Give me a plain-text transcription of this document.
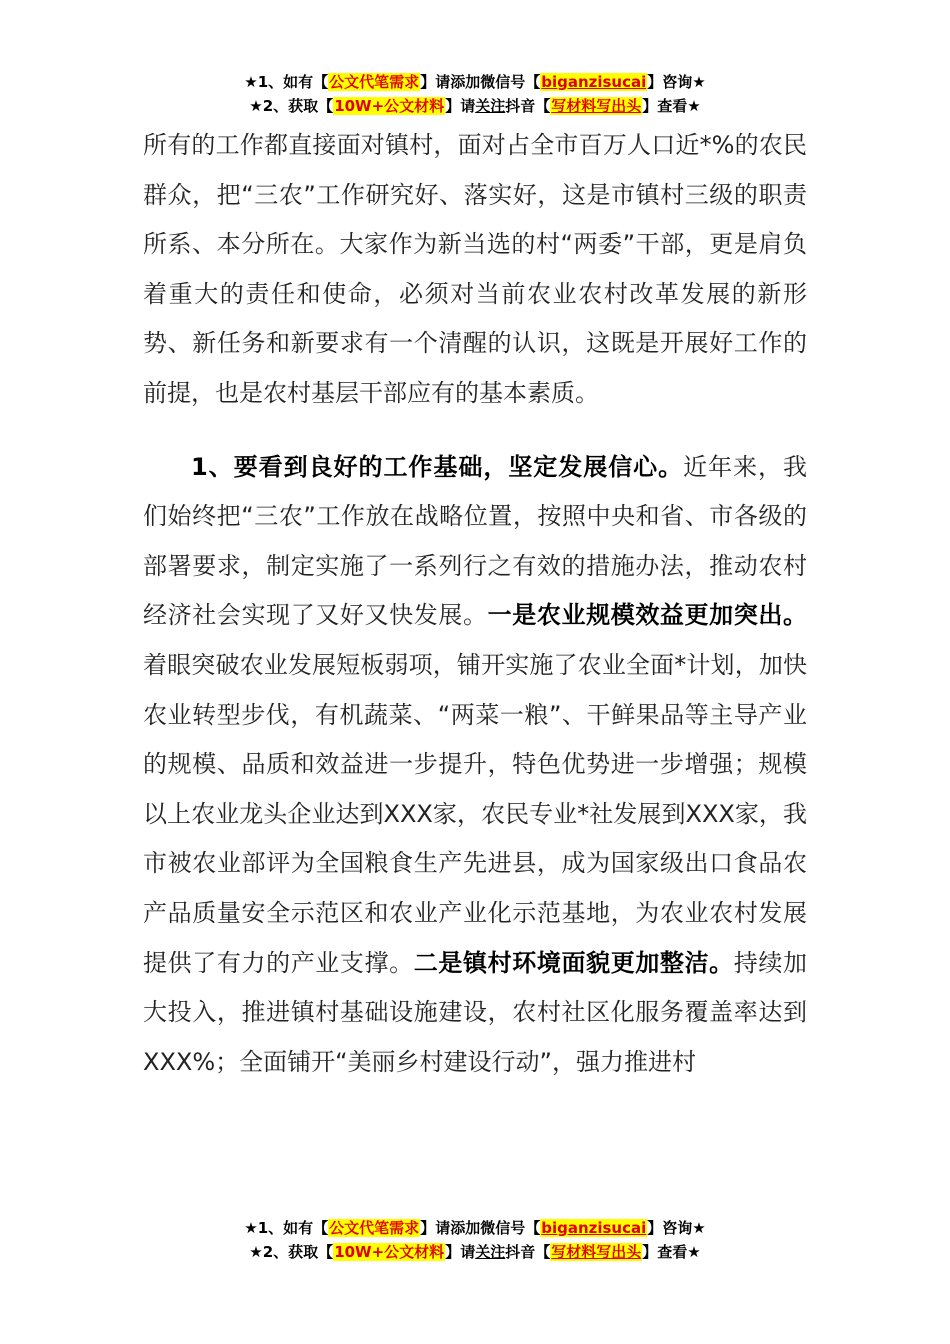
★1、如有【公文代笔需求】请添加微信号【biganzisucai】咨询★
★2、获取【10W+公文材料】请关注抖音【写材料写出头】查看★

所有的工作都直接面对镇村，面对占全市百万人口近*%的农民群众，把“三农”工作研究好、落实好，这是市镇村三级的职责所系、本分所在。大家作为新当选的村“两委”干部，更是肩负着重大的责任和使命，必须对当前农业农村改革发展的新形势、新任务和新要求有一个清醒的认识，这既是开展好工作的前提，也是农村基层干部应有的基本素质。

1、要看到良好的工作基础，坚定发展信心。近年来，我们始终把“三农”工作放在战略位置，按照中央和省、市各级的部署要求，制定实施了一系列行之有效的措施办法，推动农村经济社会实现了又好又快发展。一是农业规模效益更加突出。着眼突破农业发展短板弱项，铺开实施了农业全面*计划，加快农业转型步伐，有机蔬菜、“两菜一粮”、干鲜果品等主导产业的规模、品质和效益进一步提升，特色优势进一步增强；规模以上农业龙头企业达到XXX家，农民专业*社发展到XXX家，我市被农业部评为全国粮食生产先进县，成为国家级出口食品农产品质量安全示范区和农业产业化示范基地，为农业农村发展提供了有力的产业支撑。二是镇村环境面貌更加整洁。持续加大投入，推进镇村基础设施建设，农村社区化服务覆盖率达到XXX%；全面铺开“美丽乡村建设行动”，强力推进村

★1、如有【公文代笔需求】请添加微信号【biganzisucai】咨询★
★2、获取【10W+公文材料】请关注抖音【写材料写出头】查看★
